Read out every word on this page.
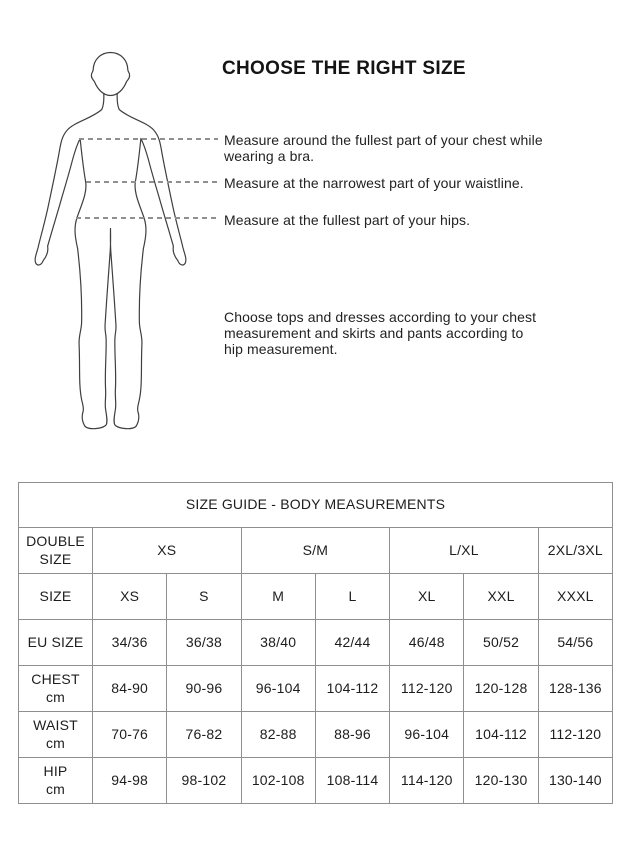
CHOOSE THE RIGHT SIZE
Measure around the fullest part of your chest while
wearing a bra.
Measure at the narrowest part of your waistline.
Measure at the fullest part of your hips.
Choose tops and dresses according to your chest
measurement and skirts and pants according to
hip measurement.
SIZE GUIDE - BODY MEASUREMENTS							

DOUBLE
SIZE	XS		S/M		L/XL		2XL/3XL

SIZE	XS	S	M	L	XL	XXL	XXXL

EU SIZE	34/36	36/38	38/40	42/44	46/48	50/52	54/56

CHEST
cm	84-90	90-96	96-104	104-112	112-120	120-128	128-136

WAIST
cm	70-76	76-82	82-88	88-96	96-104	104-112	112-120

HIP
cm	94-98	98-102	102-108	108-114	114-120	120-130	130-140
